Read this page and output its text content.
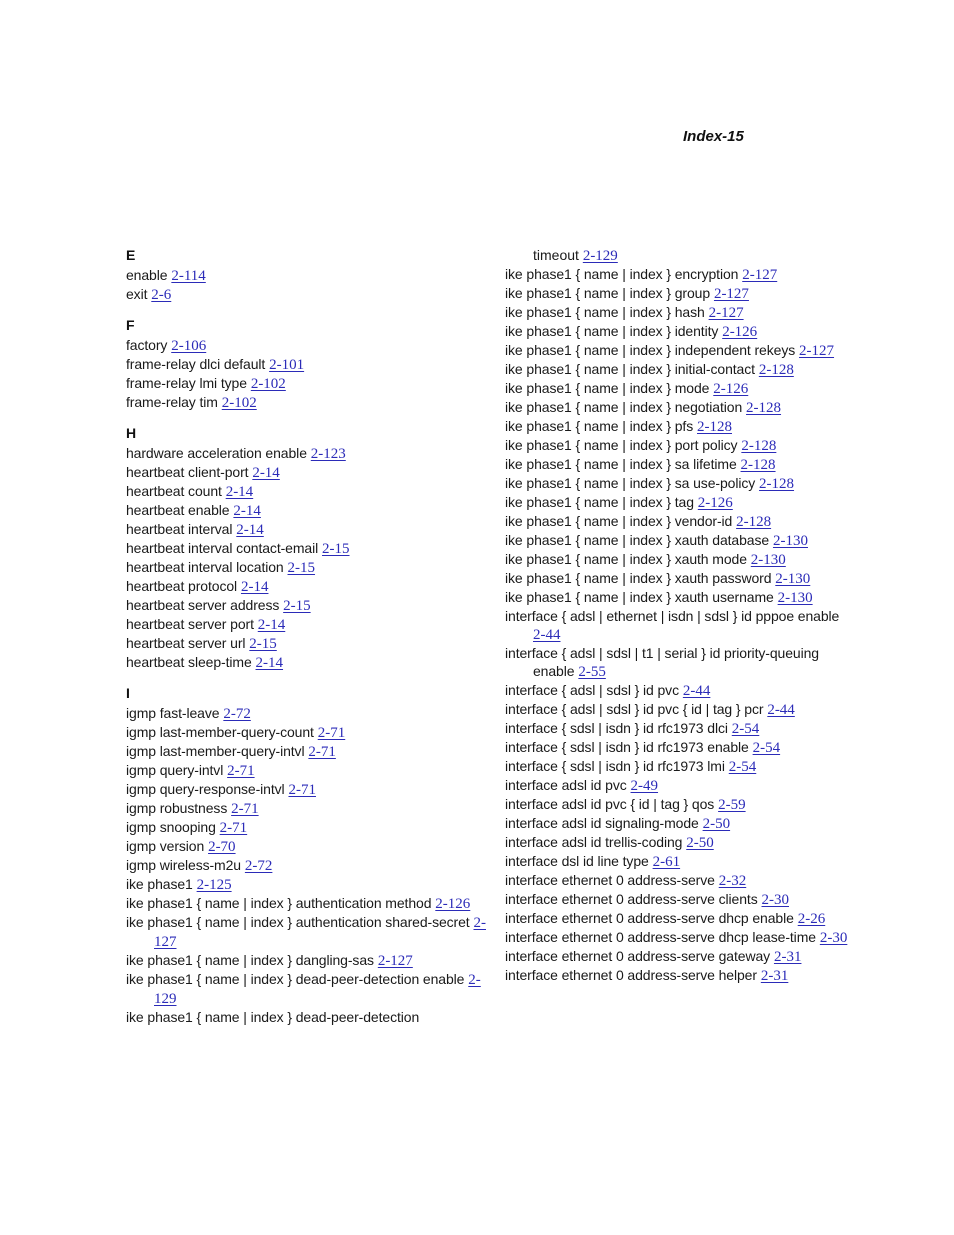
Index-15
E
enable 2-114
exit 2-6
F
factory 2-106
frame-relay dlci default 2-101
frame-relay lmi type 2-102
frame-relay tim 2-102
H
hardware acceleration enable 2-123
heartbeat client-port 2-14
heartbeat count 2-14
heartbeat enable 2-14
heartbeat interval 2-14
heartbeat interval contact-email 2-15
heartbeat interval location 2-15
heartbeat protocol 2-14
heartbeat server address 2-15
heartbeat server port 2-14
heartbeat server url 2-15
heartbeat sleep-time 2-14
I
igmp fast-leave 2-72
igmp last-member-query-count 2-71
igmp last-member-query-intvl 2-71
igmp query-intvl 2-71
igmp query-response-intvl 2-71
igmp robustness 2-71
igmp snooping 2-71
igmp version 2-70
igmp wireless-m2u 2-72
ike phase1 2-125
ike phase1 { name | index } authentication method 2-126
ike phase1 { name | index } authentication shared-secret 2-127
ike phase1 { name | index } dangling-sas 2-127
ike phase1 { name | index } dead-peer-detection enable 2-129
ike phase1 { name | index } dead-peer-detection
timeout 2-129
ike phase1 { name | index } encryption 2-127
ike phase1 { name | index } group 2-127
ike phase1 { name | index } hash 2-127
ike phase1 { name | index } identity 2-126
ike phase1 { name | index } independent rekeys 2-127
ike phase1 { name | index } initial-contact 2-128
ike phase1 { name | index } mode 2-126
ike phase1 { name | index } negotiation 2-128
ike phase1 { name | index } pfs 2-128
ike phase1 { name | index } port policy 2-128
ike phase1 { name | index } sa lifetime 2-128
ike phase1 { name | index } sa use-policy 2-128
ike phase1 { name | index } tag 2-126
ike phase1 { name | index } vendor-id 2-128
ike phase1 { name | index } xauth database 2-130
ike phase1 { name | index } xauth mode 2-130
ike phase1 { name | index } xauth password 2-130
ike phase1 { name | index } xauth username 2-130
interface { adsl | ethernet | isdn | sdsl } id pppoe enable 2-44
interface { adsl | sdsl | t1 | serial } id priority-queuing enable 2-55
interface { adsl | sdsl } id pvc 2-44
interface { adsl | sdsl } id pvc { id | tag } pcr 2-44
interface { sdsl | isdn } id rfc1973 dlci 2-54
interface { sdsl | isdn } id rfc1973 enable 2-54
interface { sdsl | isdn } id rfc1973 lmi 2-54
interface adsl id pvc 2-49
interface adsl id pvc { id | tag } qos 2-59
interface adsl id signaling-mode 2-50
interface adsl id trellis-coding 2-50
interface dsl id line type 2-61
interface ethernet 0 address-serve 2-32
interface ethernet 0 address-serve clients 2-30
interface ethernet 0 address-serve dhcp enable 2-26
interface ethernet 0 address-serve dhcp lease-time 2-30
interface ethernet 0 address-serve gateway 2-31
interface ethernet 0 address-serve helper 2-31
